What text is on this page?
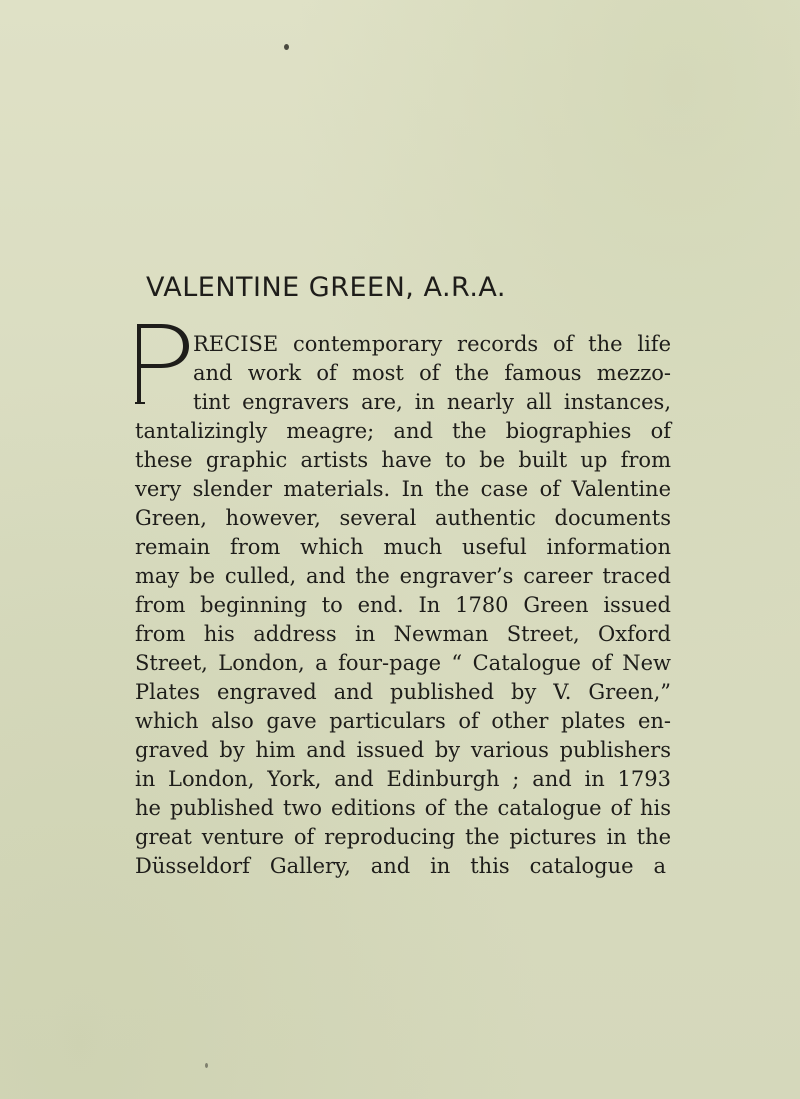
VALENTINE GREEN, A.R.A.
RECISE contemporary records of the life
and work of most of the famous mezzo-
tint engravers are, in nearly all instances,
tantalizingly meagre; and the biographies of
these graphic artists have to be built up from
very slender materials. In the case of Valentine
Green, however, several authentic documents
remain from which much useful information
may be culled, and the engraver’s career traced
from beginning to end. In 1780 Green issued
from his address in Newman Street, Oxford
Street, London, a four-page “ Catalogue of New
Plates engraved and published by V. Green,”
which also gave particulars of other plates en-
graved by him and issued by various publishers
in London, York, and Edinburgh ; and in 1793
he published two editions of the catalogue of his
great venture of reproducing the pictures in the
Düsseldorf Gallery, and in this catalogue a
